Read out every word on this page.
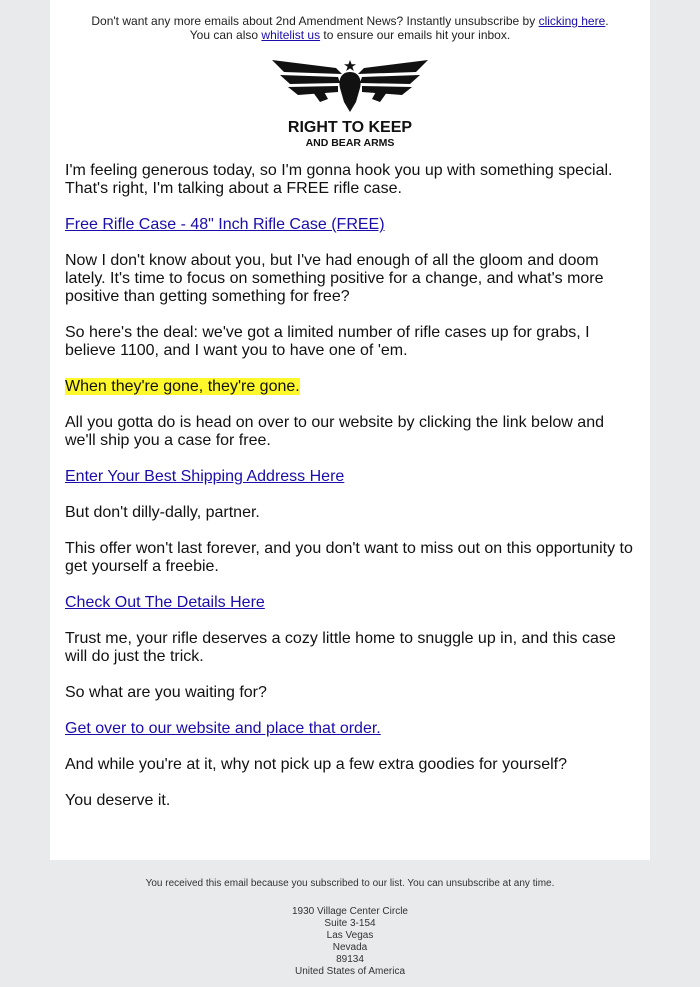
Don't want any more emails about 2nd Amendment News? Instantly unsubscribe by clicking here.
You can also whitelist us to ensure our emails hit your inbox.

RIGHT TO KEEP
AND BEAR ARMS

I'm feeling generous today, so I'm gonna hook you up with something special. That's right, I'm talking about a FREE rifle case.

Free Rifle Case - 48" Inch Rifle Case (FREE)

Now I don't know about you, but I've had enough of all the gloom and doom lately. It's time to focus on something positive for a change, and what's more positive than getting something for free?

So here's the deal: we've got a limited number of rifle cases up for grabs, I believe 1100, and I want you to have one of 'em.

When they're gone, they're gone.

All you gotta do is head on over to our website by clicking the link below and we'll ship you a case for free.

Enter Your Best Shipping Address Here

But don't dilly-dally, partner.

This offer won't last forever, and you don't want to miss out on this opportunity to get yourself a freebie.

Check Out The Details Here

Trust me, your rifle deserves a cozy little home to snuggle up in, and this case will do just the trick.

So what are you waiting for?

Get over to our website and place that order.

And while you're at it, why not pick up a few extra goodies for yourself?

You deserve it.

You received this email because you subscribed to our list. You can unsubscribe at any time.

1930 Village Center Circle
Suite 3-154
Las Vegas
Nevada
89134
United States of America
